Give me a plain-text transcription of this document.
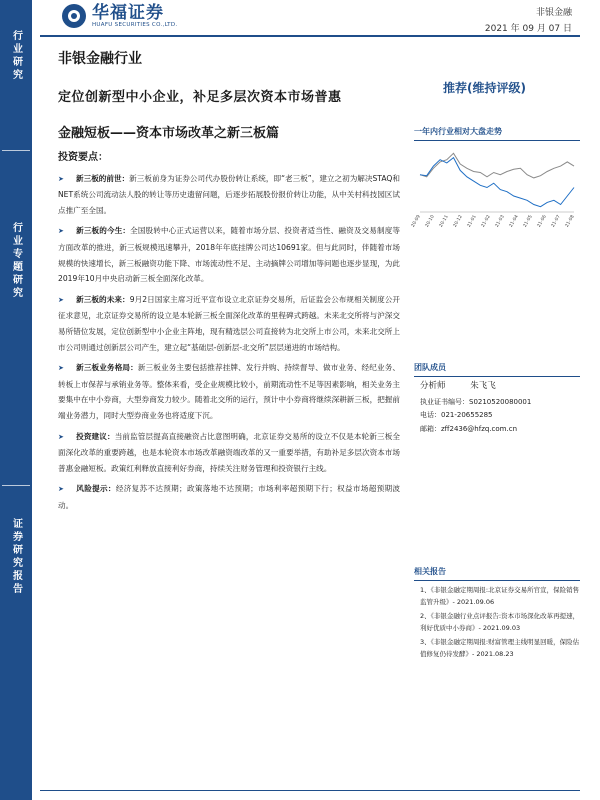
行业研究
行业专题研究
证券研究报告
华福证券
HUAFU SECURITIES CO.,LTD.
非银金融
2021 年 09 月 07 日
非银金融行业
定位创新型中小企业，补足多层次资本市场普惠
金融短板——资本市场改革之新三板篇
推荐(维持评级)
一年内行业相对大盘走势
20-09 20-10 20-11 20-12 21-01 21-02 21-03 21-04 21-05 21-06 21-07 21-08
团队成员
分析师	朱飞飞
执业证书编号：S0210520080001
电话：021-20655285
邮箱：zff2436@hfzq.com.cn
相关报告
1、《非银金融定期周报:北京证券交易所官宣，保险销售监管升级》- 2021.09.06
2、《非银金融行业点评报告:资本市场深化改革再提速，利好优质中小券商》- 2021.09.03
3、《非银金融定期周报:财富管理主线明显回暖，保险估值修复仍待发酵》- 2021.08.23
投资要点：
➤ 新三板的前世：新三板前身为证券公司代办股份转让系统，即“老三板”，建立之初为解决STAQ和NET系统公司流动法人股的转让等历史遗留问题，后逐步拓展股份报价转让功能，从中关村科技园区试点推广至全国。
➤ 新三板的今生：全国股转中心正式运营以来，随着市场分层、投资者适当性、融资及交易制度等方面改革的推进，新三板规模迅速攀升，2018年年底挂牌公司达10691家。但与此同时，伴随着市场规模的快速增长，新三板融资功能下降、市场流动性不足、主动摘牌公司增加等问题也逐步显现，为此2019年10月中央启动新三板全面深化改革。
➤ 新三板的未来：9月2日国家主席习近平宣布设立北京证券交易所，后证监会公布规相关制度公开征求意见，北京证券交易所的设立是本轮新三板全面深化改革的里程碑式跨越。未来北交所将与沪深交易所错位发展，定位创新型中小企业主阵地，现有精选层公司直接转为北交所上市公司，未来北交所上市公司则通过创新层公司产生，建立起“基础层-创新层-北交所”层层递进的市场结构。
➤ 新三板业务格局：新三板业务主要包括推荐挂牌、发行并购、持续督导、做市业务、经纪业务、转板上市保荐与承销业务等。整体来看，受企业规模比较小，前期流动性不足等因素影响，相关业务主要集中在中小券商，大型券商发力较少。随着北交所的运行，预计中小券商将继续深耕新三板，把握前端业务潜力，同时大型券商业务也将适度下沉。
➤ 投资建议：当前监管层提高直接融资占比意图明确，北京证券交易所的设立不仅是本轮新三板全面深化改革的重要跨越，也是本轮资本市场改革融资端改革的又一重要举措，有助补足多层次资本市场普惠金融短板。政策红利释放直接利好券商，持续关注财务管理和投资银行主线。
➤ 风险提示：经济复苏不达预期；政策落地不达预期；市场利率超预期下行；权益市场超预期波动。
